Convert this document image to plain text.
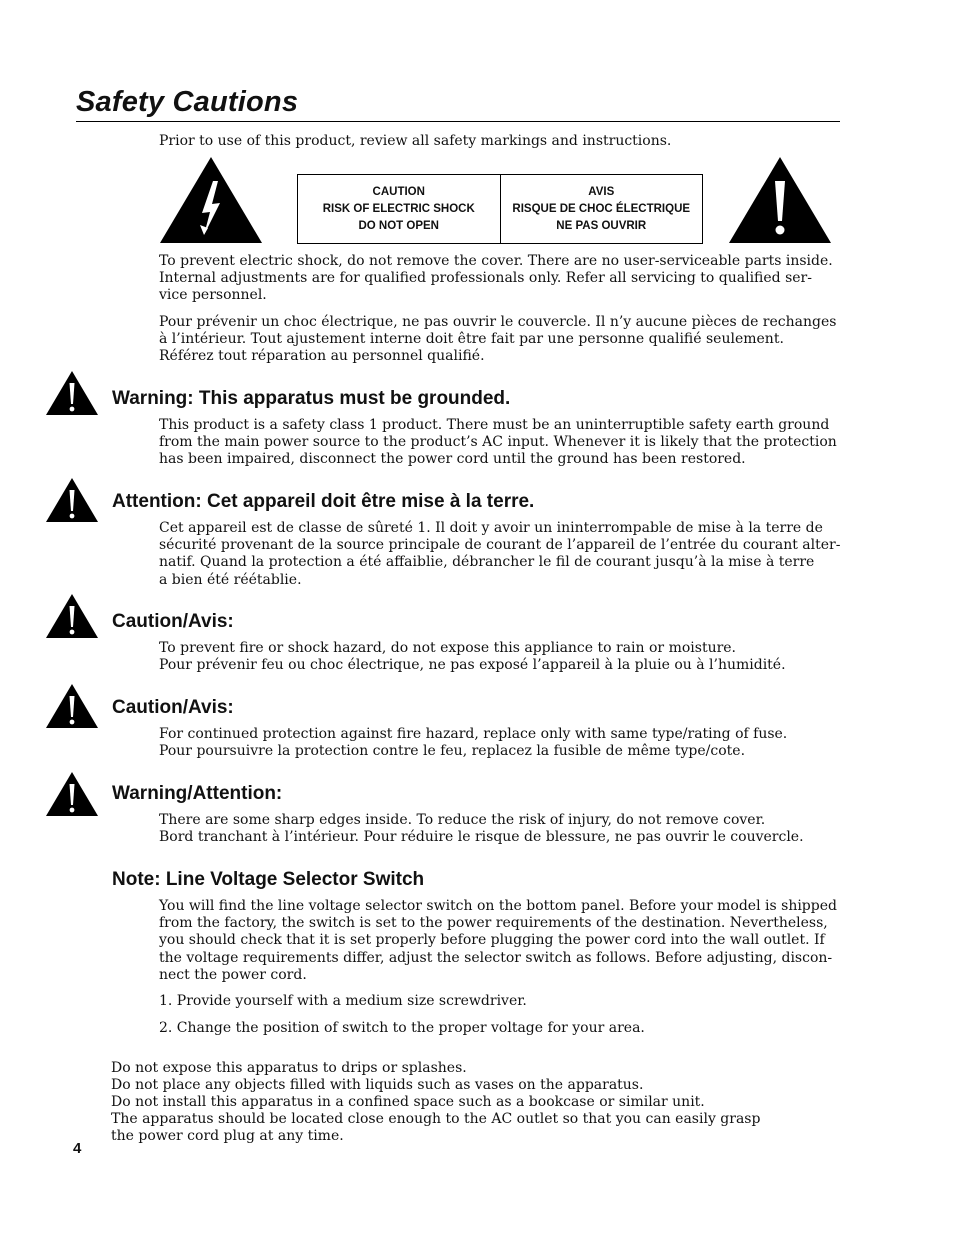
Safety Cautions

Prior to use of this product, review all safety markings and instructions.

CAUTION
RISK OF ELECTRIC SHOCK
DO NOT OPEN
AVIS
RISQUE DE CHOC ÉLECTRIQUE
NE PAS OUVRIR

To prevent electric shock, do not remove the cover. There are no user-serviceable parts inside.
Internal adjustments are for qualified professionals only. Refer all servicing to qualified ser-
vice personnel.

Pour prévenir un choc électrique, ne pas ouvrir le couvercle. Il n’y aucune pièces de rechanges
à l’intérieur. Tout ajustement interne doit être fait par une personne qualifié seulement.
Référez tout réparation au personnel qualifié.

Warning: This apparatus must be grounded.

This product is a safety class 1 product. There must be an uninterruptible safety earth ground
from the main power source to the product’s AC input. Whenever it is likely that the protection
has been impaired, disconnect the power cord until the ground has been restored.

Attention: Cet appareil doit être mise à la terre.

Cet appareil est de classe de sûreté 1. Il doit y avoir un ininterrompable de mise à la terre de
sécurité provenant de la source principale de courant de l’appareil de l’entrée du courant alter-
natif. Quand la protection a été affaiblie, débrancher le fil de courant jusqu’à la mise à terre
a bien été réétablie.

Caution/Avis:

To prevent fire or shock hazard, do not expose this appliance to rain or moisture.
Pour prévenir feu ou choc électrique, ne pas exposé l’appareil à la pluie ou à l’humidité.

Caution/Avis:

For continued protection against fire hazard, replace only with same type/rating of fuse.
Pour poursuivre la protection contre le feu, replacez la fusible de même type/cote.

Warning/Attention:

There are some sharp edges inside. To reduce the risk of injury, do not remove cover.
Bord tranchant à l’intérieur. Pour réduire le risque de blessure, ne pas ouvrir le couvercle.

Note: Line Voltage Selector Switch

You will find the line voltage selector switch on the bottom panel. Before your model is shipped
from the factory, the switch is set to the power requirements of the destination. Nevertheless,
you should check that it is set properly before plugging the power cord into the wall outlet. If
the voltage requirements differ, adjust the selector switch as follows. Before adjusting, discon-
nect the power cord.

1. Provide yourself with a medium size screwdriver.

2. Change the position of switch to the proper voltage for your area.

Do not expose this apparatus to drips or splashes.

Do not place any objects filled with liquids such as vases on the apparatus.

Do not install this apparatus in a confined space such as a bookcase or similar unit.

The apparatus should be located close enough to the AC outlet so that you can easily grasp

the power cord plug at any time.

4
